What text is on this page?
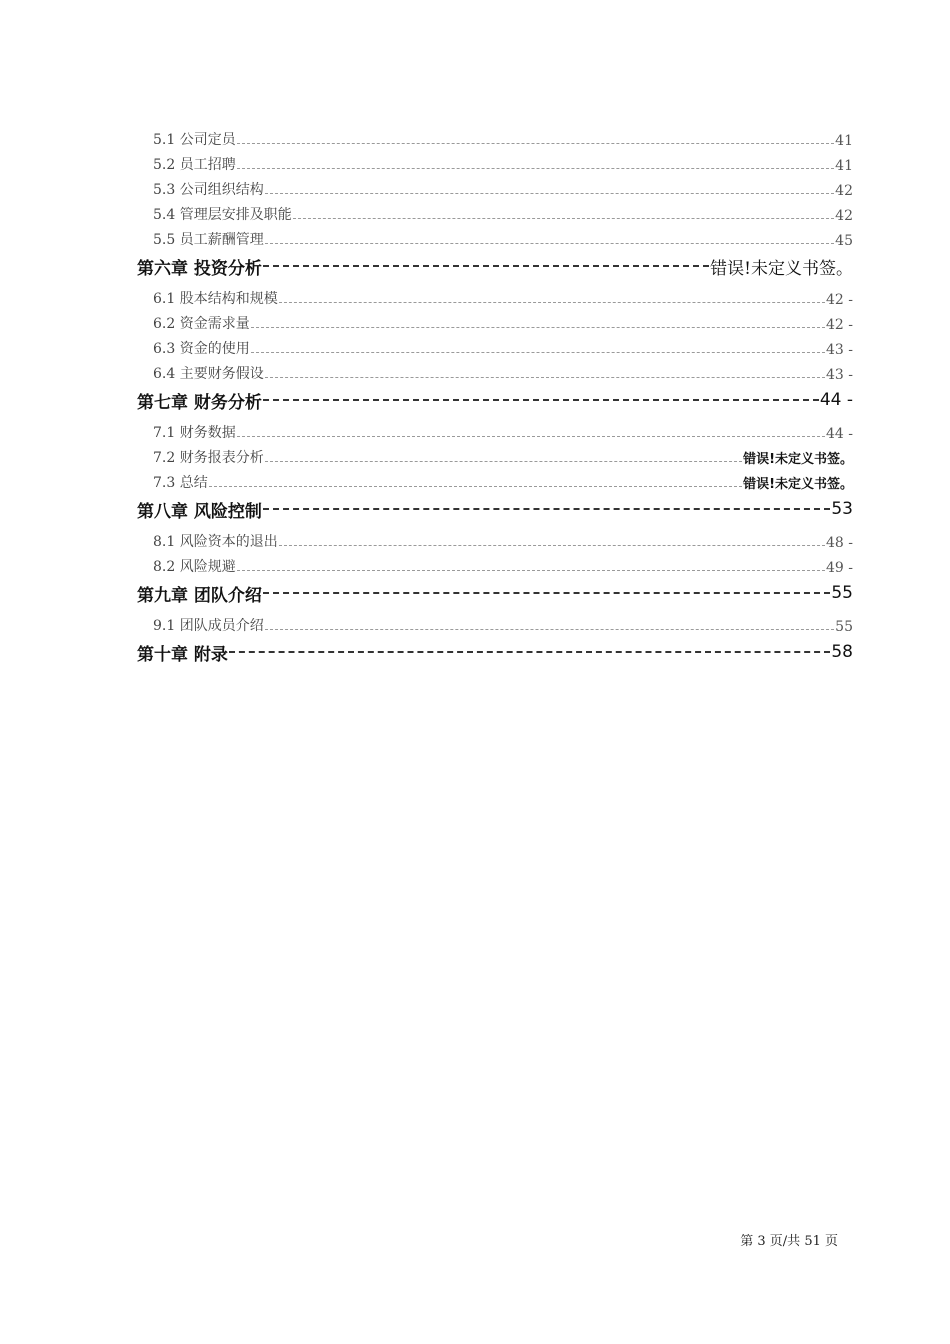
5.1 公司定员	41
5.2 员工招聘	41
5.3 公司组织结构	42
5.4 管理层安排及职能	42
5.5 员工薪酬管理	45
第六章 投资分析	错误!未定义书签。
6.1 股本结构和规模	42 -
6.2 资金需求量	42 -
6.3 资金的使用	43 -
6.4 主要财务假设	43 -
第七章 财务分析	44 -
7.1 财务数据	44 -
7.2 财务报表分析	错误!未定义书签。
7.3 总结	错误!未定义书签。
第八章 风险控制	53
8.1 风险资本的退出	48 -
8.2 风险规避	49 -
第九章 团队介绍	55
9.1 团队成员介绍	55
第十章 附录	58
第 3 页/共 51 页
